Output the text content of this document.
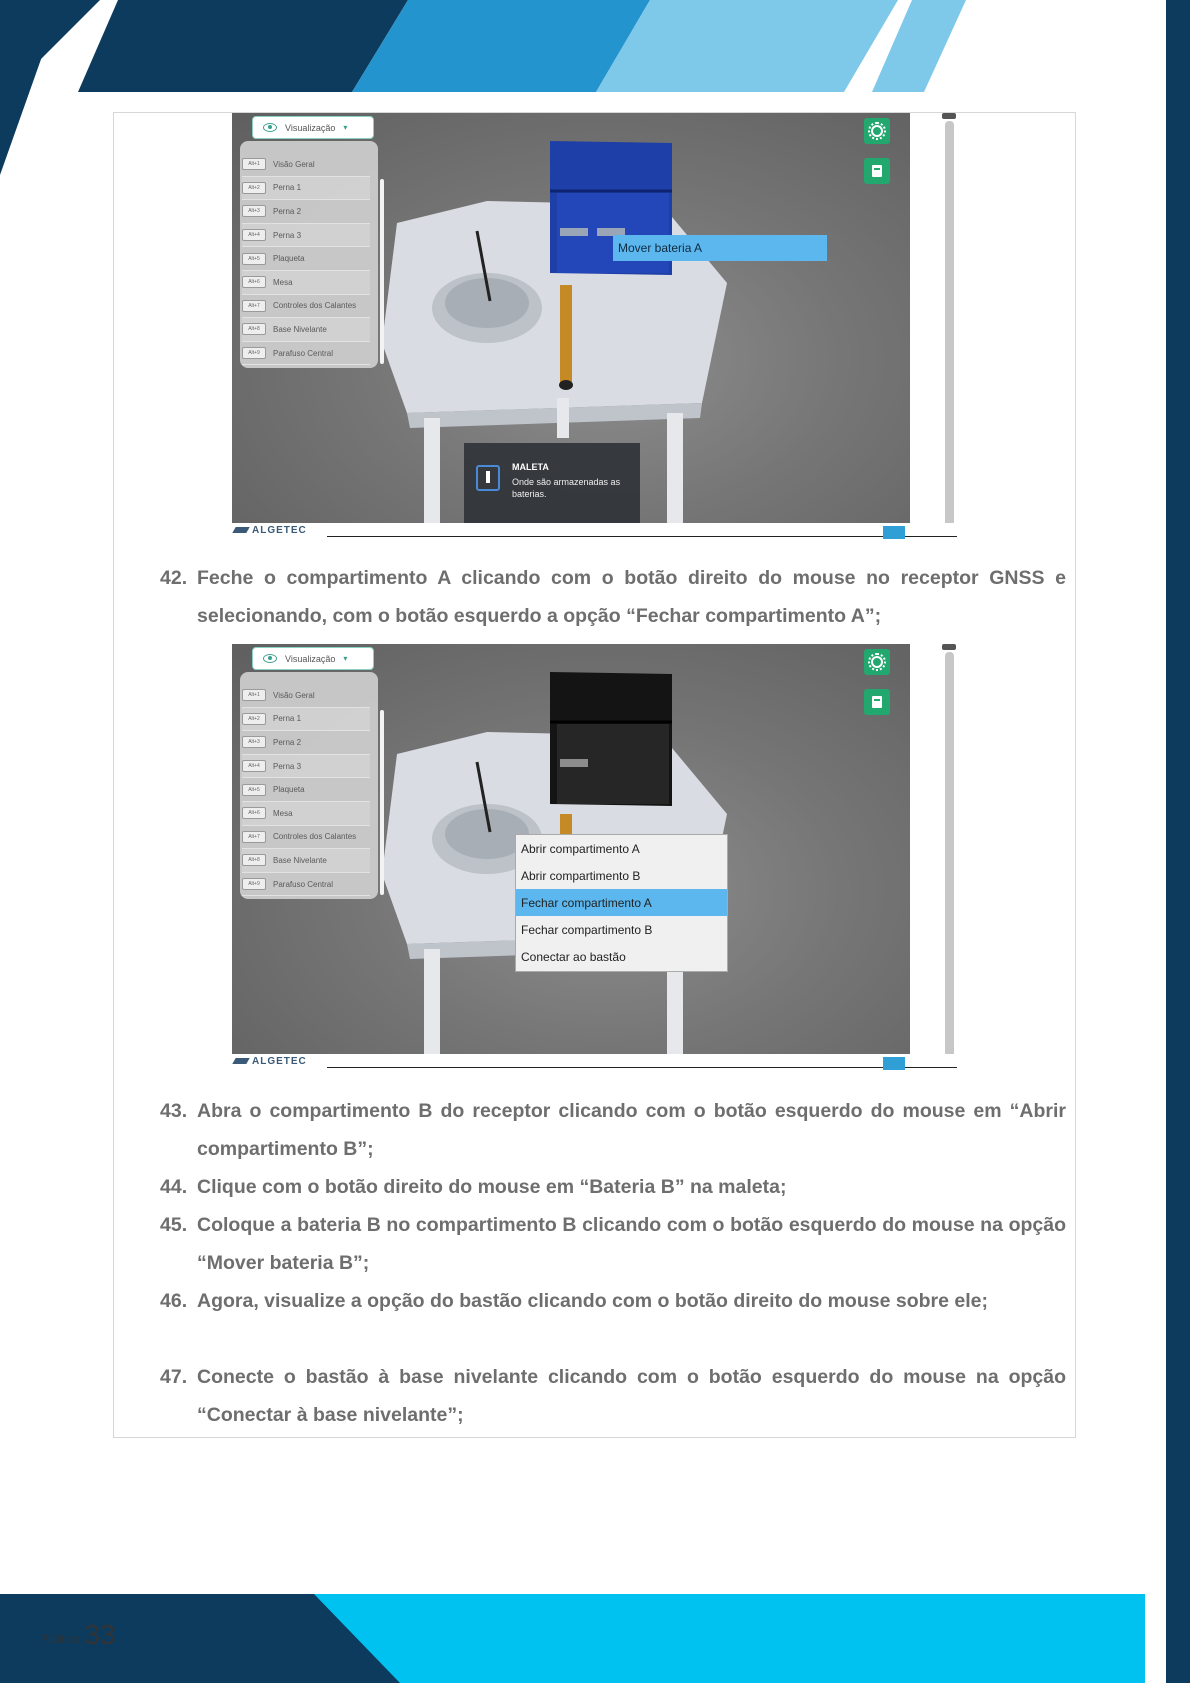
Visualização ▾
Alt+1	Visão Geral
Alt+2	Perna 1
Alt+3	Perna 2
Alt+4	Perna 3
Alt+5	Plaqueta
Alt+6	Mesa
Alt+7	Controles dos Calantes
Alt+8	Base Nivelante
Alt+9	Parafuso Central
Mover bateria A
MALETA
Onde são armazenadas as baterias.
ALGETEC
42. Feche o compartimento A clicando com o botão direito do mouse no receptor GNSS e selecionando, com o botão esquerdo a opção “Fechar compartimento A”;
Visualização ▾
Alt+1	Visão Geral
Alt+2	Perna 1
Alt+3	Perna 2
Alt+4	Perna 3
Alt+5	Plaqueta
Alt+6	Mesa
Alt+7	Controles dos Calantes
Alt+8	Base Nivelante
Alt+9	Parafuso Central
Abrir compartimento A
Abrir compartimento B
Fechar compartimento A
Fechar compartimento B
Conectar ao bastão
ALGETEC
43. Abra o compartimento B do receptor clicando com o botão esquerdo do mouse em “Abrir compartimento B”;
44. Clique com o botão direito do mouse em “Bateria B” na maleta;
45. Coloque a bateria B no compartimento B clicando com o botão esquerdo do mouse na opção “Mover bateria B”;
46. Agora, visualize a opção do bastão clicando com o botão direito do mouse sobre ele;
47. Conecte o bastão à base nivelante clicando com o botão esquerdo do mouse na opção “Conectar à base nivelante”;
Público 33
